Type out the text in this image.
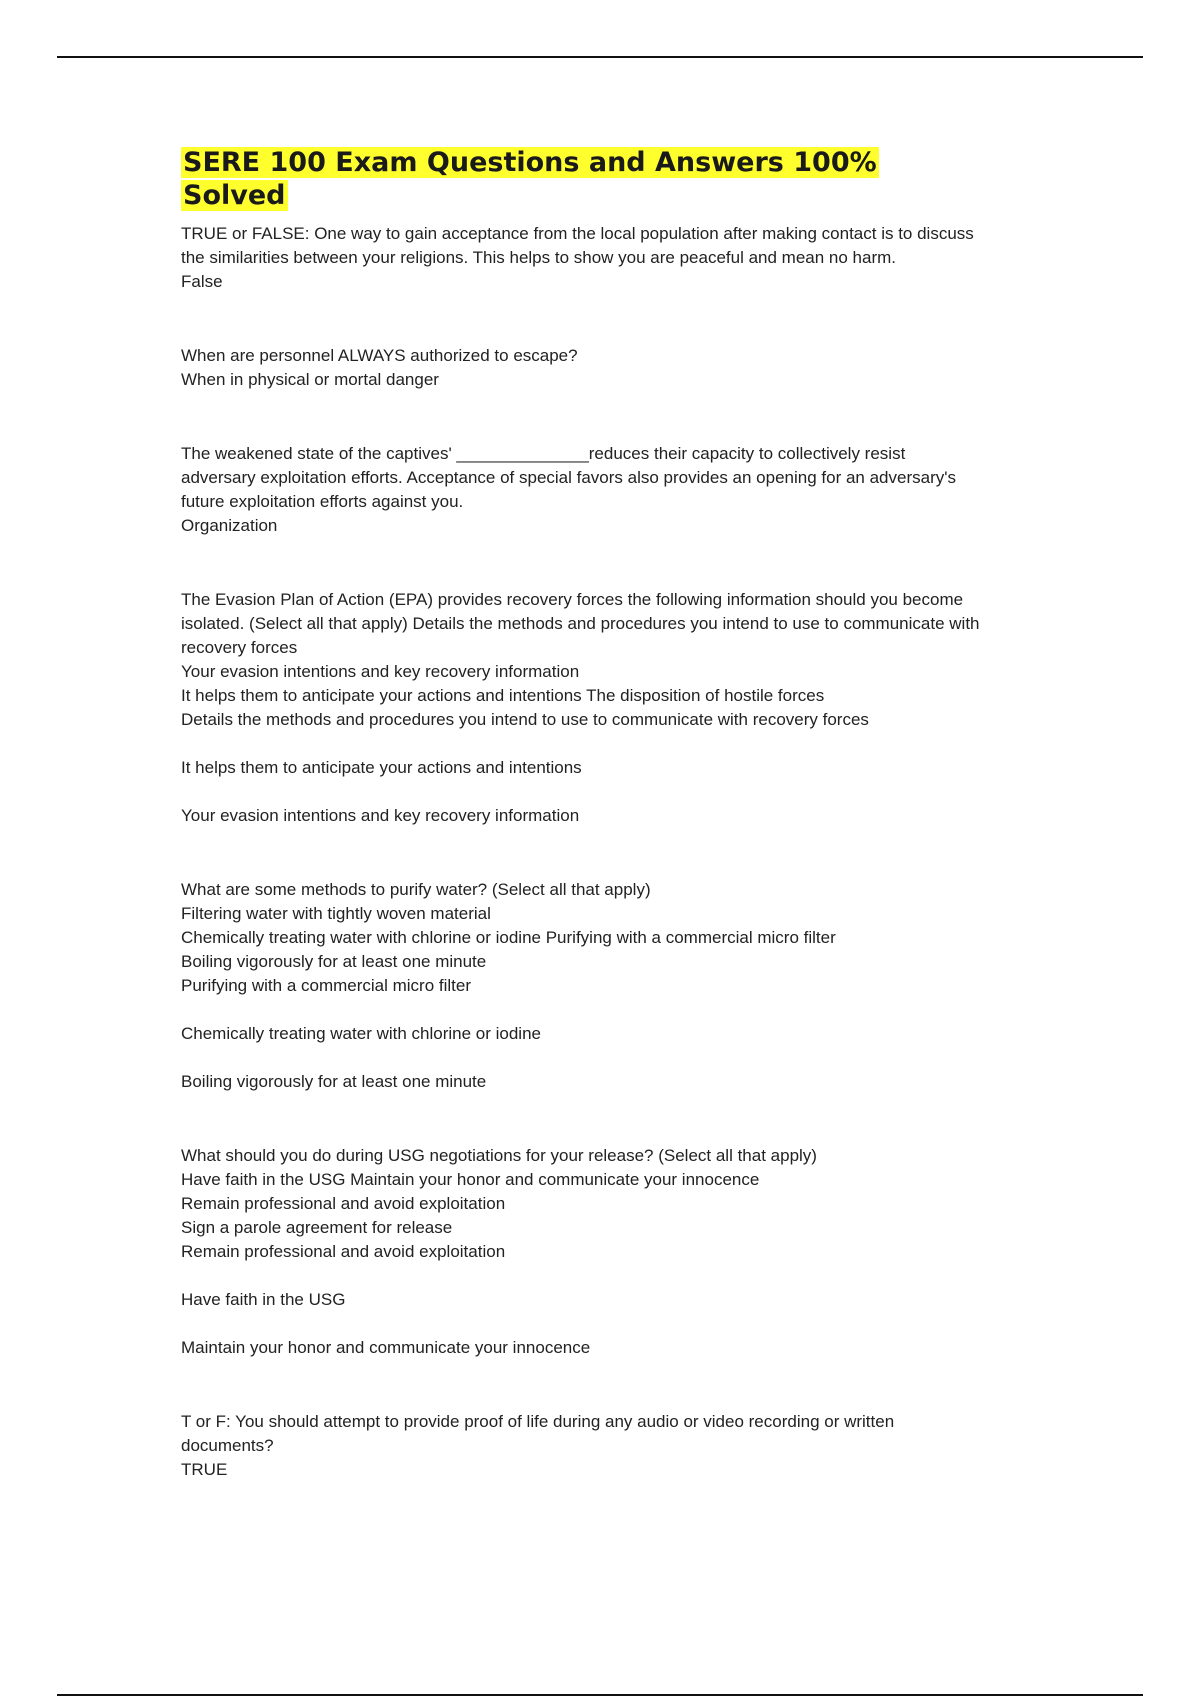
SERE 100 Exam Questions and Answers 100% Solved

TRUE or FALSE: One way to gain acceptance from the local population after making contact is to discuss the similarities between your religions. This helps to show you are peaceful and mean no harm.

False

When are personnel ALWAYS authorized to escape?

When in physical or mortal danger

The weakened state of the captives' ______________reduces their capacity to collectively resist adversary exploitation efforts. Acceptance of special favors also provides an opening for an adversary's future exploitation efforts against you.

Organization

The Evasion Plan of Action (EPA) provides recovery forces the following information should you become isolated. (Select all that apply) Details the methods and procedures you intend to use to communicate with recovery forces

Your evasion intentions and key recovery information

It helps them to anticipate your actions and intentions The disposition of hostile forces

Details the methods and procedures you intend to use to communicate with recovery forces

It helps them to anticipate your actions and intentions

Your evasion intentions and key recovery information

What are some methods to purify water? (Select all that apply)

Filtering water with tightly woven material

Chemically treating water with chlorine or iodine Purifying with a commercial micro filter

Boiling vigorously for at least one minute

Purifying with a commercial micro filter

Chemically treating water with chlorine or iodine

Boiling vigorously for at least one minute

What should you do during USG negotiations for your release? (Select all that apply)

Have faith in the USG Maintain your honor and communicate your innocence

Remain professional and avoid exploitation

Sign a parole agreement for release

Remain professional and avoid exploitation

Have faith in the USG

Maintain your honor and communicate your innocence

T or F: You should attempt to provide proof of life during any audio or video recording or written documents?

TRUE
